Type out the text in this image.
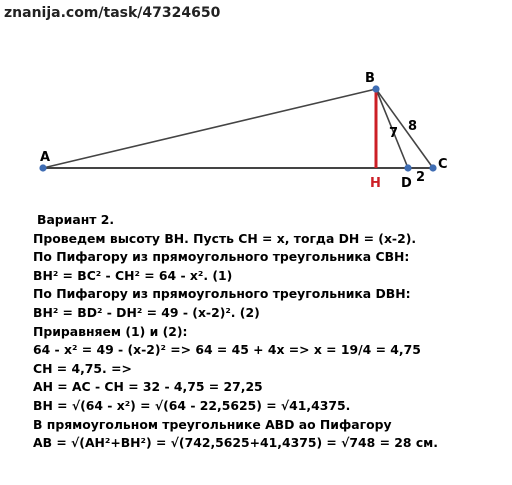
znanija.com/task/47324650
A
B
C
D
H
7 8
2
Вариант 2.
Проведем высоту BH. Пусть CH = x, тогда DH = (x-2).
По Пифагору из прямоугольного треугольника CBH:
BH² = BC² - CH² = 64 - x². (1)
По Пифагору из прямоугольного треугольника DBH:
BH² = BD² - DH² = 49 - (x-2)². (2)
Приравняем (1) и (2):
64 - x² = 49 - (x-2)² => 64 = 45 + 4x => x = 19/4 = 4,75
CH = 4,75. =>
AH = AC - CH = 32 - 4,75 = 27,25
BH = √(64 - x²) = √(64 - 22,5625) = √41,4375.
В прямоугольном треугольнике ABD ао Пифагору
AB = √(AH²+BH²) = √(742,5625+41,4375) = √748 = 28 см.
